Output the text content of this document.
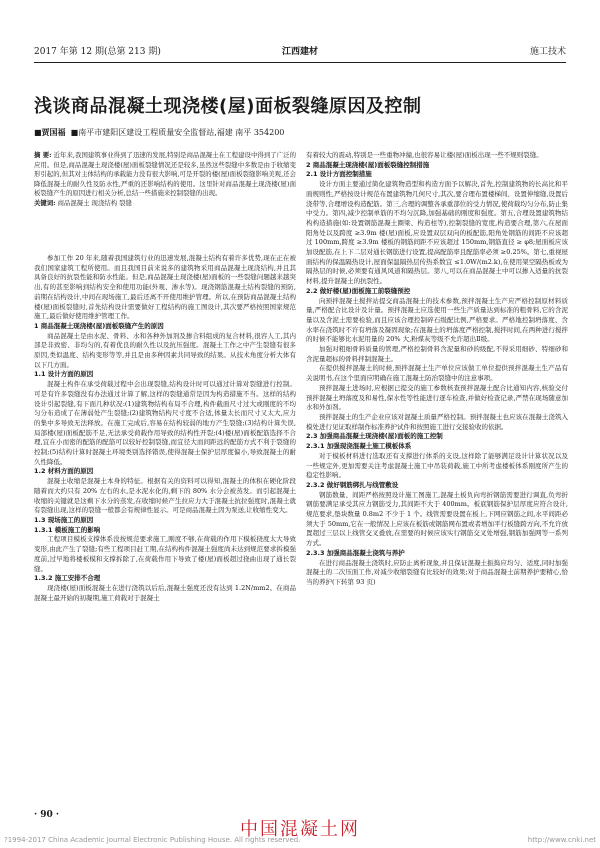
2017 年第 12 期(总第 213 期)	江西建材	施工技术
浅谈商品混凝土现浇楼(屋)面板裂缝原因及控制
■贾国福 ■南平市建阳区建设工程质量安全监督站,福建 南平 354200
摘 要: 近年来,我国建筑事业得到了迅速的发展,特别是商品混凝土在工程建设中得到了广泛的应用。但是,商品混凝土现浇楼(屋)面板裂缝情况还是较多,虽然这些裂缝中多数是由于收缩变形引起的,但其对主体结构的承载能力没有很大影响,可是开裂的楼(屋)面板裂缝影响美观,还会降低混凝土的耐久性及防水性,严重的还影响结构的使用。这里针对商品混凝土现浇楼(屋)面板裂缝产生的原因进行相关分析,总结一些措施来控制裂缝的出现。
关键词: 商品混凝土 现浇结构 裂缝

参加工作 20 年来,随着我国建筑行业的迅速发展,混凝土结构有着许多优势,现在正在被我们国家建筑工程所使用。而且我国目前来说多的建筑物采用商品混凝土现浇结构,并且其具备良好的抗裂性能和防水性能。但是,商品混凝土现浇楼(屋)面板的一些裂缝问题越来越突出,有的甚至影响到结构安全和使用功能(外观、渗水等)。现浇钢筋混凝土结构裂缝的预防,前期在结构设计,中间在现场施工,最后还离不开使用维护管理。所以,在预防商品混凝土结构楼(屋)面板裂缝时,首先结构设计需要做好工程结构的施工图设计,其次要严格按照国家规范施工,最后做好使用维护管理工作。

1 商品混凝土现浇楼(屋)面板裂缝产生的原因

商品混凝土是由水泥、骨料、水和各种外加剂及掺合料组成的复合材料,很容人工,其内部是非致密、非均匀的,有着优良的耐久性以及抗压强度。混凝土工作之中产生裂缝有很多原因,类似温度、结构变形等等,并且是由多种因素共同导致的结果。从技术角度分析大体有以下几方面。

1.1 设计方面的原因

混凝土构件在承受荷载过程中会出现裂缝,结构设计时可以通过计算对裂缝进行控制。可是有许多裂缝没有办法通过计算了解,这样的裂缝通常是因为构造措施不当。这样的结构设计引起裂缝,有下面几种状况:(1)建筑物结构布局不合理,构件截面尺寸过大或刚度的不均匀分布造成了在薄弱处产生裂缝;(2)建筑物结构尺寸度不合适,体量太长而尺寸又太大,应力的集中多导致无法释放。在施工完成后,容易在结构较弱的地方产生裂缝;(3)结构计算失误,局部楼(屋)面板配筋不足,无法承受荷载作用导致的结构性开裂;(4)楼(屋)面板配筋选择不合理,宜在小而密的配筋的配筋可以较好控制裂缝,而宜径大而间距远的配筋方式不利于裂缝的控制;(5)结构计算时混凝土环境类别选择错误,使得混凝土保护层厚度偏小,导致混凝土的耐久性降低。

1.2 材料方面的原因

混凝土收缩是混凝土本身的特征。根据有关的资料可以得知,混凝土的体积在硬化阶段随着而大约只有 20% 左右的水,是水泥水化的,剩下的 80% 水分会被蒸发。而引起混凝土收缩的关键就是这剩下水分的蒸发,在收缩时候产生拉应力大于混凝土抗拉强度时,混凝土就有裂缝出现,这样的裂缝一般都会有规律性显示。可是商品混凝土因为泵送,让收缩性变大。

1.3 现场施工的原因

1.3.1 模板施工的影响

工程项目模板支撑体系没按规范要求施工,刚度不够,在荷载的作用下模板挠度太大导致变形,由此产生了裂缝;有些工程项目赶工期,在结构构件混凝土强度尚未达到规范要求拆模强度前,过早地将楼板模和支撑拆除了,在荷载作用下导致了楼(屋)面板超过挠曲出现了通长裂缝。

1.3.2 施工安排不合理

现浇楼(屋)面板混凝土在进行浇筑以后后,混凝土强度还没有达到 1.2N/mm2。在商品混凝土最开始的初凝期,施工荷载对于混凝土

有着较大的震动,特别是一些重物冲撞,也很容易让楼(屋)面板出现一些不规则裂缝。

2 商品混凝土现浇楼(屋)面板裂缝控制措施

2.1 设计方面控制措施

设计方面主要通过简化建筑物造型和构造方面予以解决,首先,控制建筑物的长高比和平面规则性,严格按设计规范布置建筑物几何尺寸,其次,要合理布置楼梯间、设置伸缩缝,设置后浇带等,合理增设构造配筋。第三,合理的调整各承重部位的受力情况,使荷载均匀分布,防止集中受力。第四,减少控制单筋的不均匀沉降,加强基础的刚度和强度。第五,合理设置建筑物结构构造措施(如:设置钢筋混凝土圈梁、构造柱等),控制裂缝的宽度,构造要合理,第六,在屋面阳角处以及跨度 ≥3.9m 楼(屋)面板,应设置双层双向的板配筋,阳角处钢筋的间距不应该超过 100mm,跨度 ≥3.9m 楼板的钢筋间距不应该超过 150mm,钢筋直径 ≥ φ8;屋面板应该加设配筋,在上下二层对通长钢筋进行设置,提高配筋率且配筋率必须 ≥0.25%。第七,重视屋面结构的保温隔热设计,屋面保温隔热层传热系数宜 ≤1.0W/(m2.k),在使用架空隔热板或为隔热层的时候,必须要有通风风道和隔热层。第八,可以在商品混凝土中可以掺入适量的抗裂材料,提升混凝土的抗裂性。

2.2 做好楼(屋)面板施工前裂缝预控

向预拌混凝土搅拌站提交商品混凝土的技术参数,预拌混凝土生产应严格控制原材料质量,严格配合比设计及计量。预拌混凝土应选使用一些生产质量达到标准的粗骨料,它的含泥量以及含泥土需要检验,而且应该合理控制碎石级配比例,严格要求。严格地控制坍落度、含水率在浇筑时不许有坍落及凝固现象;在混凝土的坍落度严格控制,搅拌时间,在两种进行搅拌的时候不能够比水泥用量的 20% 大,粉煤灰等级不允许超出Ⅱ级。

加强对粗细骨料质量的管理,严格控制骨料含泥量和砂的级配,不得采用细砂、特细砂和含泥量超标的骨料拌制混凝土。

在提供搅拌混凝土的时候,预拌混凝土生产单位应该做工单位提供预拌混凝土生产品有关说明书,在这个里面应明确在施工混凝土防治裂缝中的注意事项。

预拌混凝土进场时,应根据已提交的施工参数核查预拌混凝土配合比通知内容,核验交付预拌混凝土坍落度及和易性,保水性等性能进行逐车检查,并做好检查记录,严禁在现场随意加水和外加剂。

预拌混凝土的生产企业应该对混凝土质量严格控制。预拌混凝土也应该在混凝土浇筑入模处进行见证取样制作标准养护试件和按照施工进行交接验收的依据。

2.3 加强商品混凝土现浇楼(屋)面板的施工控制

2.3.1 加强现浇混凝土施工模板体系

对于模板材料进行选取还有支撑进行体系的支设,这样除了能够满足设计计算状况以及一些规定外,更加需要关注考虑混凝土施工中吊装荷载,施工中所考虑楼板体系刚度所产生的稳定性影响。

2.3.2 做好钢筋绑扎与线管敷设

钢筋数量、间距严格按照设计施工图施工,混凝土板负向弯折钢筋需要进行调直,负弯折钢筋要满足承受其应力钢筋受力,其间距不大于 400mm。板底钢筋保护层厚度应符合设计,规范要求,垫块数量 0.8m2 不少于 1 个。线管需要设置在板上,下网应钢筋之间,水平间距必须大于 50mm,它在一般情况上应该在板筋或钢筋网布置或者增加平行板缝跨方向,不允许放置超过三层以上线管交叉叠放,在需要的时候应该实行钢筋交叉处增强,钢筋加强网等一系列方式。

2.3.3 加强商品混凝土浇筑与养护

在进行商品混凝土浇筑时,应防止离析现象,并且保证混凝土振捣应均匀、适度,同时加强混凝土的二次压面工作,对减少收缩裂缝有比较好的效果;对于商品混凝土前期养护要精心,恰当的养护(下转第 93 页)

· 90 ·
中国混凝土网
?1994-2017 China Academic Journal Electronic Publishing House. All rights reserved.	http://www.cnki.net
